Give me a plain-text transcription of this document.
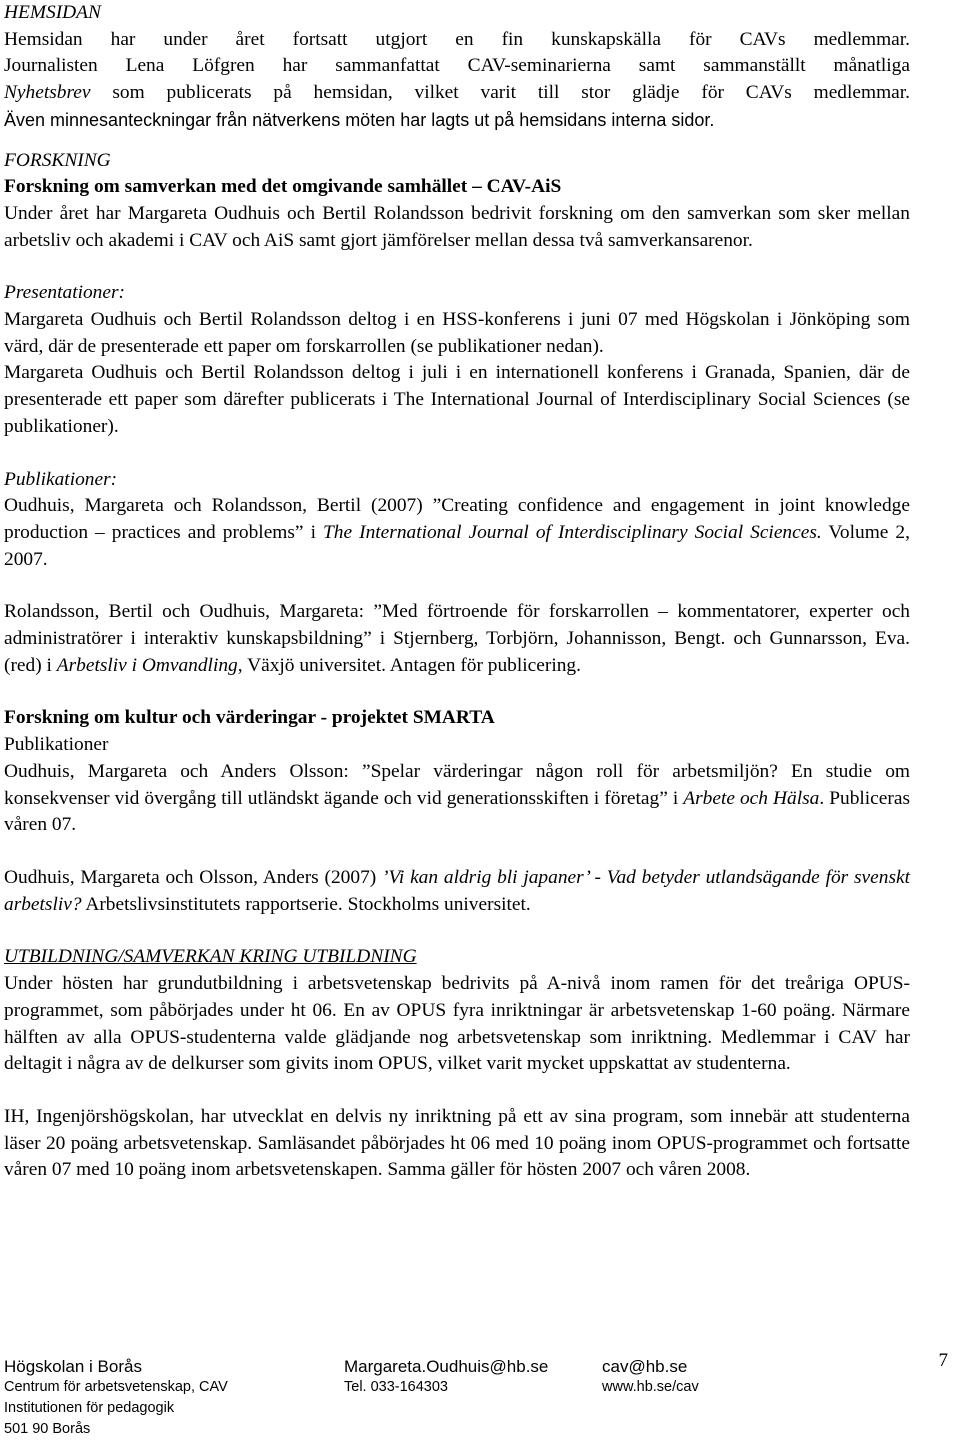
HEMSIDAN

Hemsidan har under året fortsatt utgjort en fin kunskapskälla för CAVs medlemmar.

Journalisten Lena Löfgren har sammanfattat CAV-seminarierna samt sammanställt månatliga

Nyhetsbrev som publicerats på hemsidan, vilket varit till stor glädje för CAVs medlemmar.

Även minnesanteckningar från nätverkens möten har lagts ut på hemsidans interna sidor.

FORSKNING

Forskning om samverkan med det omgivande samhället – CAV-AiS

Under året har Margareta Oudhuis och Bertil Rolandsson bedrivit forskning om den samverkan som sker mellan arbetsliv och akademi i CAV och AiS samt gjort jämförelser mellan dessa två samverkansarenor.

Presentationer:

Margareta Oudhuis och Bertil Rolandsson deltog i en HSS-konferens i juni 07 med Högskolan i Jönköping som värd, där de presenterade ett paper om forskarrollen (se publikationer nedan).

Margareta Oudhuis och Bertil Rolandsson deltog i juli i en internationell konferens i Granada, Spanien, där de presenterade ett paper som därefter publicerats i The International Journal of Interdisciplinary Social Sciences (se publikationer).

Publikationer:

Oudhuis, Margareta och Rolandsson, Bertil (2007) ”Creating confidence and engagement in joint knowledge production – practices and problems” i The International Journal of Interdisciplinary Social Sciences. Volume 2, 2007.

Rolandsson, Bertil och Oudhuis, Margareta: ”Med förtroende för forskarrollen – kommentatorer, experter och administratörer i interaktiv kunskapsbildning” i Stjernberg, Torbjörn, Johannisson, Bengt. och Gunnarsson, Eva. (red) i Arbetsliv i Omvandling, Växjö universitet. Antagen för publicering.

Forskning om kultur och värderingar - projektet SMARTA

Publikationer

Oudhuis, Margareta och Anders Olsson: ”Spelar värderingar någon roll för arbetsmiljön? En studie om konsekvenser vid övergång till utländskt ägande och vid generationsskiften i företag” i Arbete och Hälsa. Publiceras våren 07.

Oudhuis, Margareta och Olsson, Anders (2007) ’Vi kan aldrig bli japaner’ - Vad betyder utlandsägande för svenskt arbetsliv? Arbetslivsinstitutets rapportserie. Stockholms universitet.

UTBILDNING/SAMVERKAN KRING UTBILDNING

Under hösten har grundutbildning i arbetsvetenskap bedrivits på A-nivå inom ramen för det treåriga OPUS-programmet, som påbörjades under ht 06. En av OPUS fyra inriktningar är arbetsvetenskap 1-60 poäng. Närmare hälften av alla OPUS-studenterna valde glädjande nog arbetsvetenskap som inriktning. Medlemmar i CAV har deltagit i några av de delkurser som givits inom OPUS, vilket varit mycket uppskattat av studenterna.

IH, Ingenjörshögskolan, har utvecklat en delvis ny inriktning på ett av sina program, som innebär att studenterna läser 20 poäng arbetsvetenskap. Samläsandet påbörjades ht 06 med 10 poäng inom OPUS-programmet och fortsatte våren 07 med 10 poäng inom arbetsvetenskapen. Samma gäller för hösten 2007 och våren 2008.

Högskolan i Borås
Centrum för arbetsvetenskap, CAV
Institutionen för pedagogik
501 90 Borås
Margareta.Oudhuis@hb.se
Tel. 033-164303
cav@hb.se
www.hb.se/cav
7
